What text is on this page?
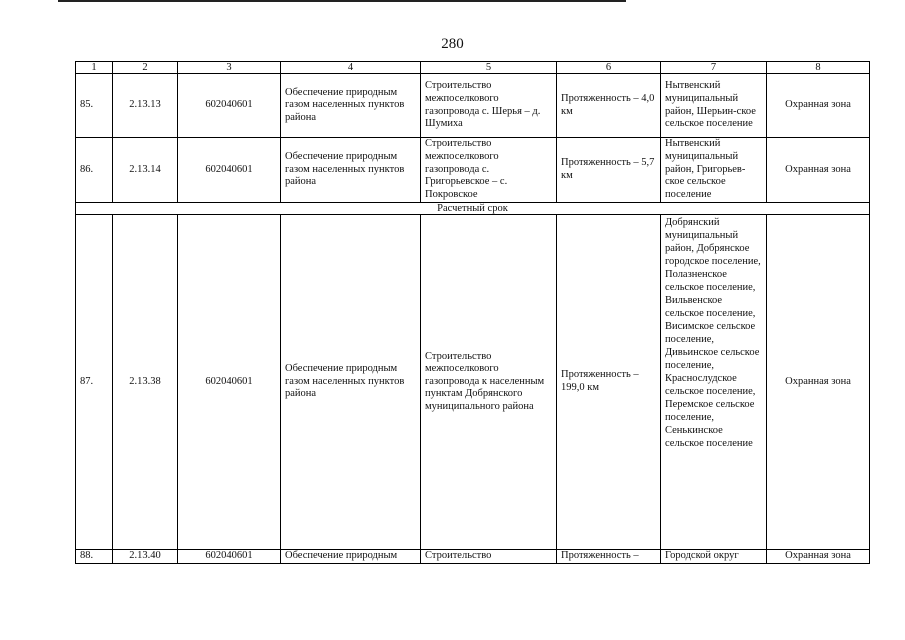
280
1	2	3	4	5	6	7	8
85.	2.13.13	602040601	Обеспечение природным газом населенных пунктов района	Строительство межпоселкового газопровода с. Шерья – д. Шумиха	Протяженность – 4,0 км	Нытвенский муниципальный район, Шерьин-ское сельское поселение	Охранная зона
86.	2.13.14	602040601	Обеспечение природным газом населенных пунктов района	Строительство межпоселкового газопровода с. Григорьевское – с. Покровское	Протяженность – 5,7 км	Нытвенский муниципальный район, Григорьев-ское сельское поселение	Охранная зона
Расчетный срок							
87.	2.13.38	602040601	Обеспечение природным газом населенных пунктов района	Строительство межпоселкового газопровода к населенным пунктам Добрянского муниципального района	Протяженность – 199,0 км	Добрянский муниципальный район, Добрянское городское поселение, Полазненское сельское поселение, Вильвенское сельское поселение, Висимское сельское поселение, Дивьинское сельское поселение, Краснослудское сельское поселение, Перемское сельское поселение, Сенькинское сельское поселение	Охранная зона
88.	2.13.40	602040601	Обеспечение природным	Строительство	Протяженность –	Городской округ	Охранная зона
